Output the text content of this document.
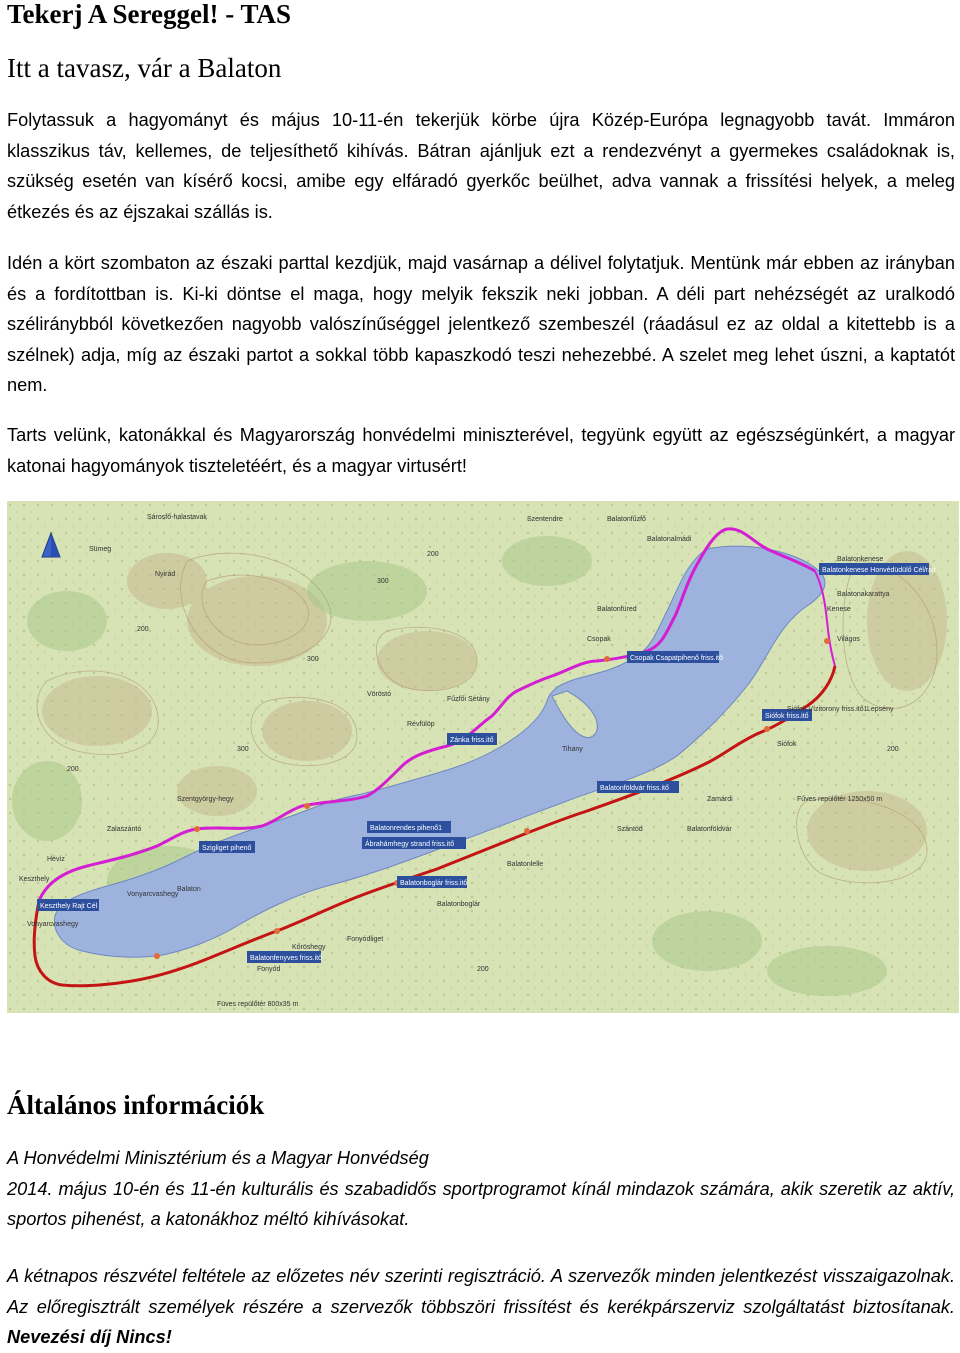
Tekerj A Sereggel! - TAS
Itt a tavasz, vár a Balaton

Folytassuk a hagyományt és május 10-11-én tekerjük körbe újra Közép-Európa legnagyobb tavát. Immáron klasszikus táv, kellemes, de teljesíthető kihívás. Bátran ajánljuk ezt a rendezvényt a gyermekes családoknak is, szükség esetén van kísérő kocsi, amibe egy elfáradó gyerkőc beülhet, adva vannak a frissítési helyek, a meleg étkezés és az éjszakai szállás is.

Idén a kört szombaton az északi parttal kezdjük, majd vasárnap a délivel folytatjuk. Mentünk már ebben az irányban és a fordítottban is. Ki-ki döntse el maga, hogy melyik fekszik neki jobban. A déli part nehézségét az uralkodó széliránybból következően nagyobb valószínűséggel jelentkező szembeszél (ráadásul ez az oldal a kitettebb is a szélnek) adja, míg az északi partot a sokkal több kapaszkodó teszi nehezebbé. A szelet meg lehet úszni, a kaptatót nem.

Tarts velünk, katonákkal és Magyarország honvédelmi miniszterével, tegyünk együtt az egészségünkért, a magyar katonai hagyományok tiszteletéért, és a magyar virtusért!

Sárosfő-halastavak
Nyirád
Sümeg
Zalaszántó
Szentgyörgy-hegy
Keszthely
Balaton
Hévíz
Vonyarcvashegy
Balatonalmádi
Balatonfüred
Tihany
Siófok
Szántód
Fonyód
Kőröshegy
Zamárdi
Balatonfűzfő
Világos
Lepsény
Balatonboglár
Balatonföldvár
Balatonlelle
Balatonakarattya
Kenese
Fűzfői Sétány
Szentendre
Vöröstó
Révfülöp
Fonyódliget
Csopak
300
200
300
200
200
200
300
200
Balatonkenese Honvédüdülő Cél/rajt
Csopak Csapatpihenő friss.itő
Siófok friss.itő
Zánka friss.itő
Balatonföldvár friss.itő
Balatonrendes pihenő1
Ábrahámhegy strand friss.itő
Balatonboglár friss.itő
Szigliget pihenő
Keszthely Rajt Cél
Balatonfenyves friss.itő
Fűves repülőtér 1250x50 m
Füves repülőtér 800x35 m
Balatonkenese
Vonyarcvashegy
Siófok Vízitorony friss.itő1
Általános információk

A Honvédelmi Minisztérium és a Magyar Honvédség
2014. május 10-én és 11-én kulturális és szabadidős sportprogramot kínál mindazok számára, akik szeretik az aktív, sportos pihenést, a katonákhoz méltó kihívásokat.

A kétnapos részvétel feltétele az előzetes név szerinti regisztráció. A szervezők minden jelentkezést visszaigazolnak. Az előregisztrált személyek részére a szervezők többszöri frissítést és kerékpárszerviz szolgáltatást biztosítanak. Nevezési díj Nincs!
